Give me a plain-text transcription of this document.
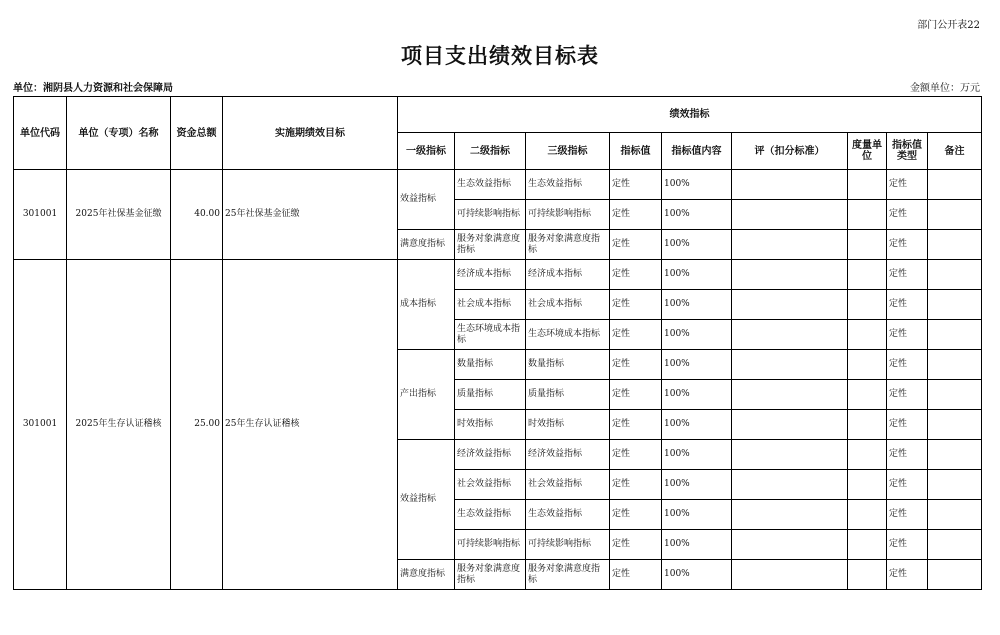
部门公开表22
项目支出绩效目标表
单位：湘阴县人力资源和社会保障局	金额单位：万元
单位代码	单位（专项）名称	资金总额	实施期绩效目标	绩效指标								
				一级指标	二级指标	三级指标	指标值	指标值内容	评（扣分标准）	度量单位	指标值类型	备注
301001	2025年社保基金征缴	40.00	25年社保基金征缴	效益指标	生态效益指标	生态效益指标	定性	100%			定性	
					可持续影响指标	可持续影响指标	定性	100%			定性	
				满意度指标	服务对象满意度指标	服务对象满意度指标	定性	100%			定性	
301001	2025年生存认证稽核	25.00	25年生存认证稽核	成本指标	经济成本指标	经济成本指标	定性	100%			定性	
					社会成本指标	社会成本指标	定性	100%			定性	
					生态环境成本指标	生态环境成本指标	定性	100%			定性	
				产出指标	数量指标	数量指标	定性	100%			定性	
					质量指标	质量指标	定性	100%			定性	
					时效指标	时效指标	定性	100%			定性	
				效益指标	经济效益指标	经济效益指标	定性	100%			定性	
					社会效益指标	社会效益指标	定性	100%			定性	
					生态效益指标	生态效益指标	定性	100%			定性	
					可持续影响指标	可持续影响指标	定性	100%			定性	
				满意度指标	服务对象满意度指标	服务对象满意度指标	定性	100%			定性	
